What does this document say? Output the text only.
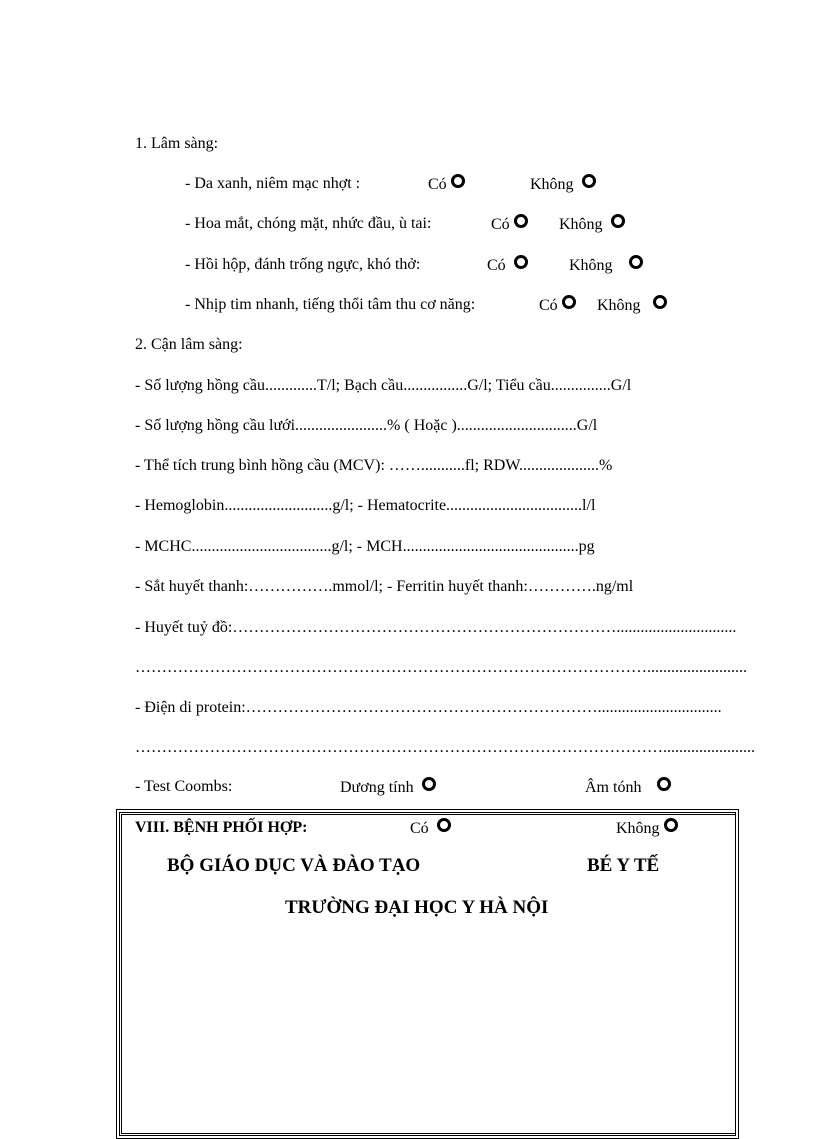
1. Lâm sàng:
- Da xanh, niêm mạc nhợt :	Có	Không
- Hoa mắt, chóng mặt, nhức đầu, ù tai:	Có	Không
- Hồi hộp, đánh trống ngực, khó thở:	Có	Không
- Nhịp tim nhanh, tiếng thổi tâm thu cơ năng:	Có	Không
2. Cận lâm sàng:
- Số lượng hồng cầu.............T/l; Bạch cầu................G/l; Tiểu cầu...............G/l
- Số lượng hồng cầu lưới.......................% ( Hoặc )..............................G/l
- Thể tích trung bình hồng cầu (MCV): ……...........fl; RDW....................%
- Hemoglobin...........................g/l; - Hematocrite..................................l/l
- MCHC...................................g/l; - MCH............................................pg
- Sắt huyết thanh:…………….mmol/l; - Ferritin huyết thanh:………….ng/ml
- Huyết tuỷ đồ:………………………………………………………………..............................
…………………………………………………………………………………….........................
- Điện di protein:…………………………………………………………...............................
……………………………………………………………………………………….......................
- Test Coombs:	Dương tính	Âm tónh
VIII. BỆNH PHỐI HỢP:	Có	Không
BỘ GIÁO DỤC VÀ ĐÀO TẠO	BÉ Y TẾ
TRƯỜNG ĐẠI HỌC Y HÀ NỘI
